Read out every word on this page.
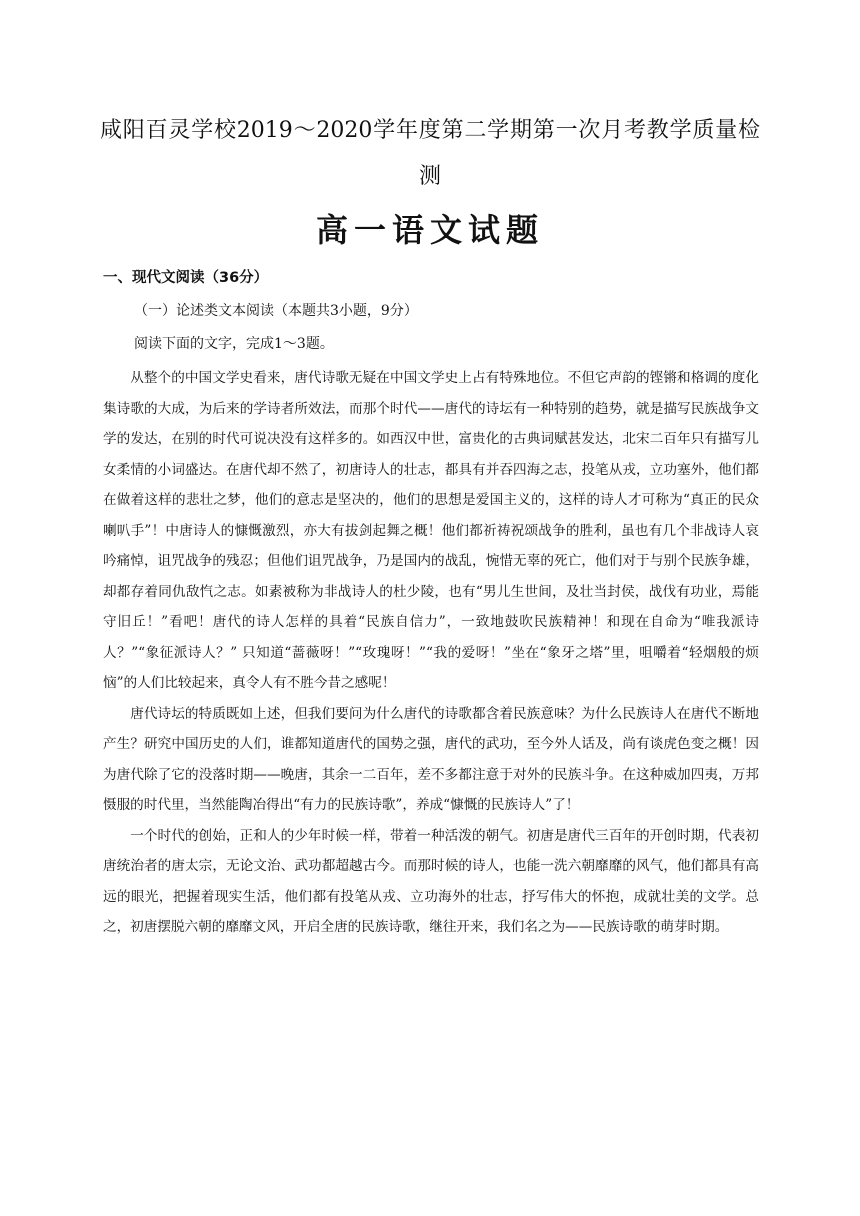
咸阳百灵学校2019～2020学年度第二学期第一次月考教学质量检测
高一语文试题
一、现代文阅读（36分）

（一）论述类文本阅读（本题共3小题，9分）

阅读下面的文字，完成1～3题。

从整个的中国文学史看来，唐代诗歌无疑在中国文学史上占有特殊地位。不但它声韵的铿锵和格调的度化集诗歌的大成，为后来的学诗者所效法，而那个时代——唐代的诗坛有一种特别的趋势，就是描写民族战争文学的发达，在别的时代可说决没有这样多的。如西汉中世，富贵化的古典词赋甚发达，北宋二百年只有描写儿女柔情的小词盛达。在唐代却不然了，初唐诗人的壮志，都具有并吞四海之志，投笔从戎，立功塞外，他们都在做着这样的悲壮之梦，他们的意志是坚决的，他们的思想是爱国主义的，这样的诗人才可称为“真正的民众喇叭手”！中唐诗人的慷慨激烈，亦大有拔剑起舞之概！他们都祈祷祝颂战争的胜利，虽也有几个非战诗人哀吟痛悼，诅咒战争的残忍；但他们诅咒战争，乃是国内的战乱，惋惜无辜的死亡，他们对于与别个民族争雄，却都存着同仇敌忾之志。如素被称为非战诗人的杜少陵，也有“男儿生世间，及壮当封侯，战伐有功业，焉能守旧丘！”看吧！唐代的诗人怎样的具着“民族自信力”，一致地鼓吹民族精神！和现在自命为“唯我派诗人？”“象征派诗人？” 只知道“蔷薇呀！”“玫瑰呀！”“我的爱呀！”坐在“象牙之塔”里，咀嚼着“轻烟般的烦恼”的人们比较起来，真令人有不胜今昔之感呢！

唐代诗坛的特质既如上述，但我们要问为什么唐代的诗歌都含着民族意味？为什么民族诗人在唐代不断地产生？研究中国历史的人们，谁都知道唐代的国势之强，唐代的武功，至今外人话及，尚有谈虎色变之概！因为唐代除了它的没落时期——晚唐，其余一二百年，差不多都注意于对外的民族斗争。在这种威加四夷，万邦慑服的时代里，当然能陶冶得出“有力的民族诗歌”，养成“慷慨的民族诗人”了！

一个时代的创始，正和人的少年时候一样，带着一种活泼的朝气。初唐是唐代三百年的开创时期，代表初唐统治者的唐太宗，无论文治、武功都超越古今。而那时候的诗人，也能一洗六朝靡靡的风气，他们都具有高远的眼光，把握着现实生活，他们都有投笔从戎、立功海外的壮志，抒写伟大的怀抱，成就壮美的文学。总之，初唐摆脱六朝的靡靡文风，开启全唐的民族诗歌，继往开来，我们名之为——民族诗歌的萌芽时期。
